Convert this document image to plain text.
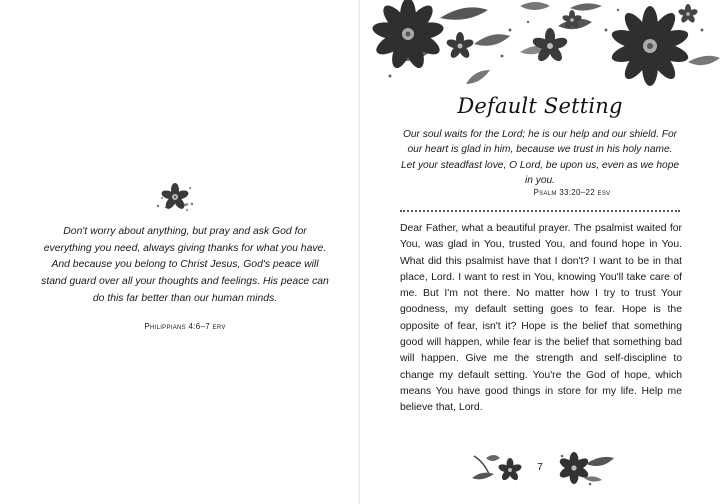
Don't worry about anything, but pray and ask God for everything you need, always giving thanks for what you have. And because you belong to Christ Jesus, God's peace will stand guard over all your thoughts and feelings. His peace can do this far better than our human minds.
Philippians 4:6–7 erv
Default Setting
Our soul waits for the Lord; he is our help and our shield. For our heart is glad in him, because we trust in his holy name. Let your steadfast love, O Lord, be upon us, even as we hope in you.
Psalm 33:20–22 esv
Dear Father, what a beautiful prayer. The psalmist waited for You, was glad in You, trusted You, and found hope in You. What did this psalmist have that I don't? I want to be in that place, Lord. I want to rest in You, knowing You'll take care of me. But I'm not there. No matter how I try to trust Your goodness, my default setting goes to fear. Hope is the opposite of fear, isn't it? Hope is the belief that something good will happen, while fear is the belief that something bad will happen. Give me the strength and self-discipline to change my default setting. You're the God of hope, which means You have good things in store for my life. Help me believe that, Lord.
7
